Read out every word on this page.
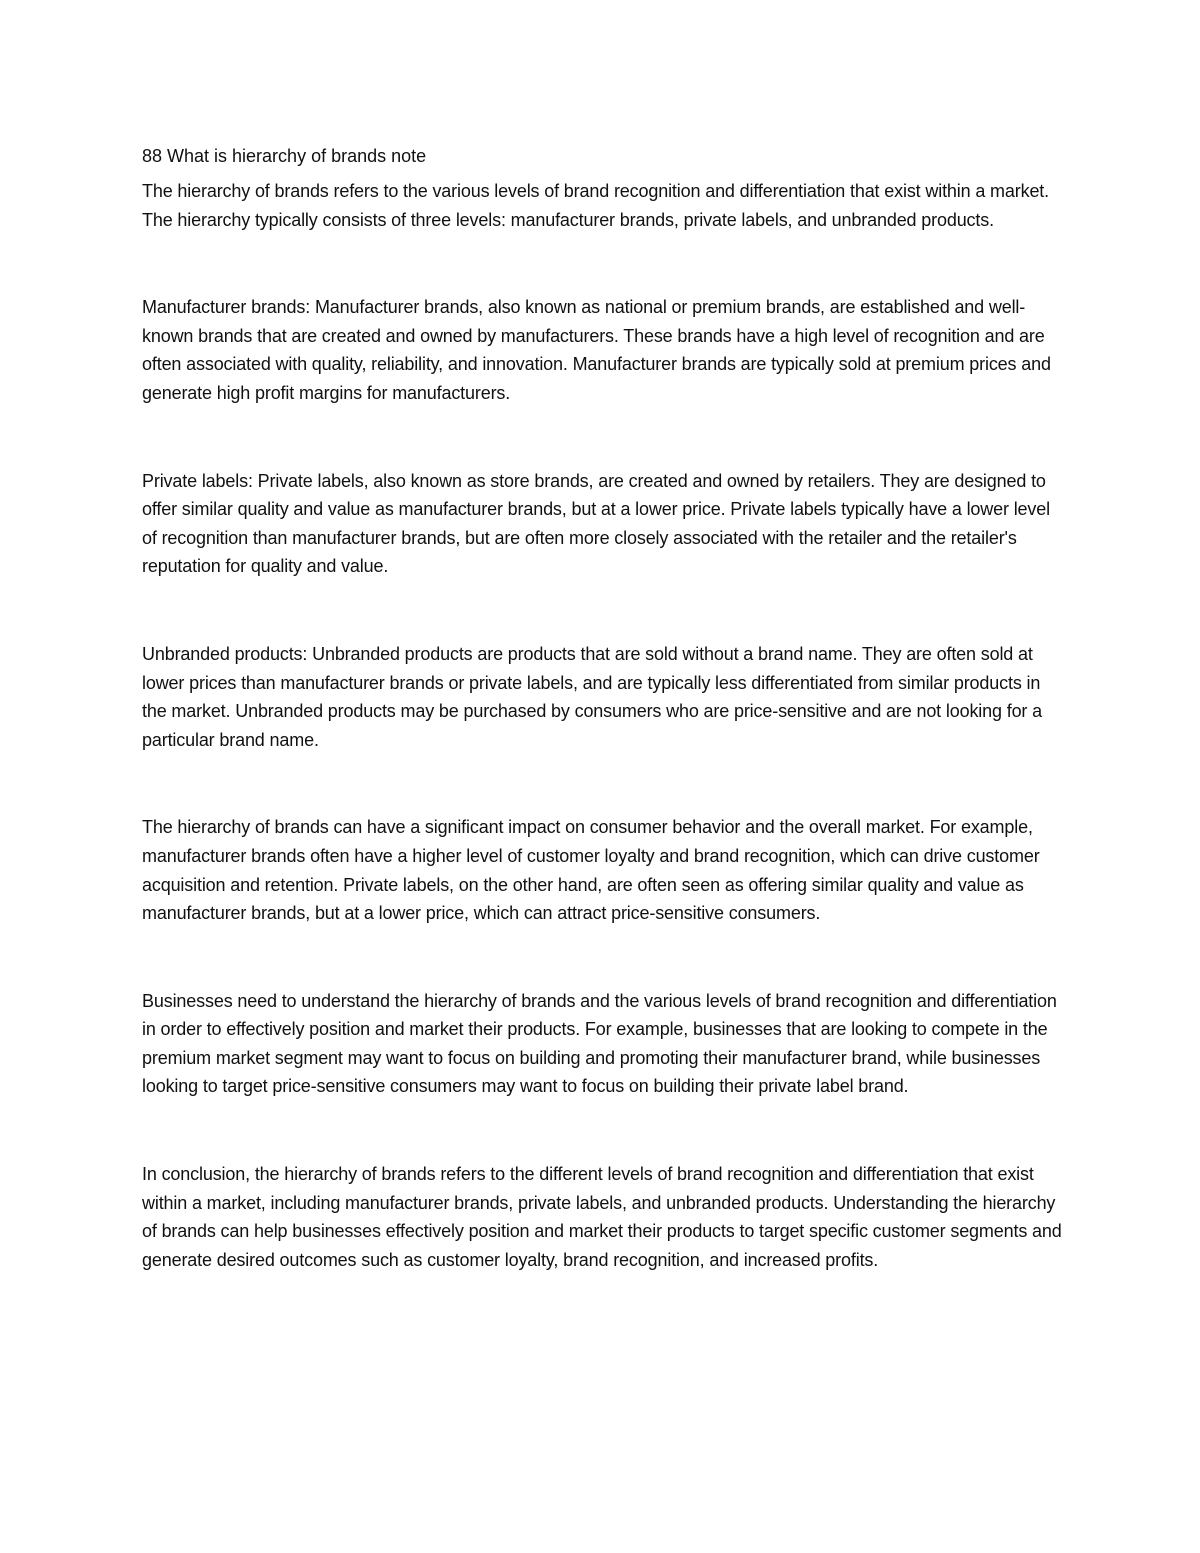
88 What is hierarchy of brands note

The hierarchy of brands refers to the various levels of brand recognition and differentiation that exist within a market. The hierarchy typically consists of three levels: manufacturer brands, private labels, and unbranded products.

Manufacturer brands: Manufacturer brands, also known as national or premium brands, are established and well-known brands that are created and owned by manufacturers. These brands have a high level of recognition and are often associated with quality, reliability, and innovation. Manufacturer brands are typically sold at premium prices and generate high profit margins for manufacturers.

Private labels: Private labels, also known as store brands, are created and owned by retailers. They are designed to offer similar quality and value as manufacturer brands, but at a lower price. Private labels typically have a lower level of recognition than manufacturer brands, but are often more closely associated with the retailer and the retailer's reputation for quality and value.

Unbranded products: Unbranded products are products that are sold without a brand name. They are often sold at lower prices than manufacturer brands or private labels, and are typically less differentiated from similar products in the market. Unbranded products may be purchased by consumers who are price-sensitive and are not looking for a particular brand name.

The hierarchy of brands can have a significant impact on consumer behavior and the overall market. For example, manufacturer brands often have a higher level of customer loyalty and brand recognition, which can drive customer acquisition and retention. Private labels, on the other hand, are often seen as offering similar quality and value as manufacturer brands, but at a lower price, which can attract price-sensitive consumers.

Businesses need to understand the hierarchy of brands and the various levels of brand recognition and differentiation in order to effectively position and market their products. For example, businesses that are looking to compete in the premium market segment may want to focus on building and promoting their manufacturer brand, while businesses looking to target price-sensitive consumers may want to focus on building their private label brand.

In conclusion, the hierarchy of brands refers to the different levels of brand recognition and differentiation that exist within a market, including manufacturer brands, private labels, and unbranded products. Understanding the hierarchy of brands can help businesses effectively position and market their products to target specific customer segments and generate desired outcomes such as customer loyalty, brand recognition, and increased profits.
